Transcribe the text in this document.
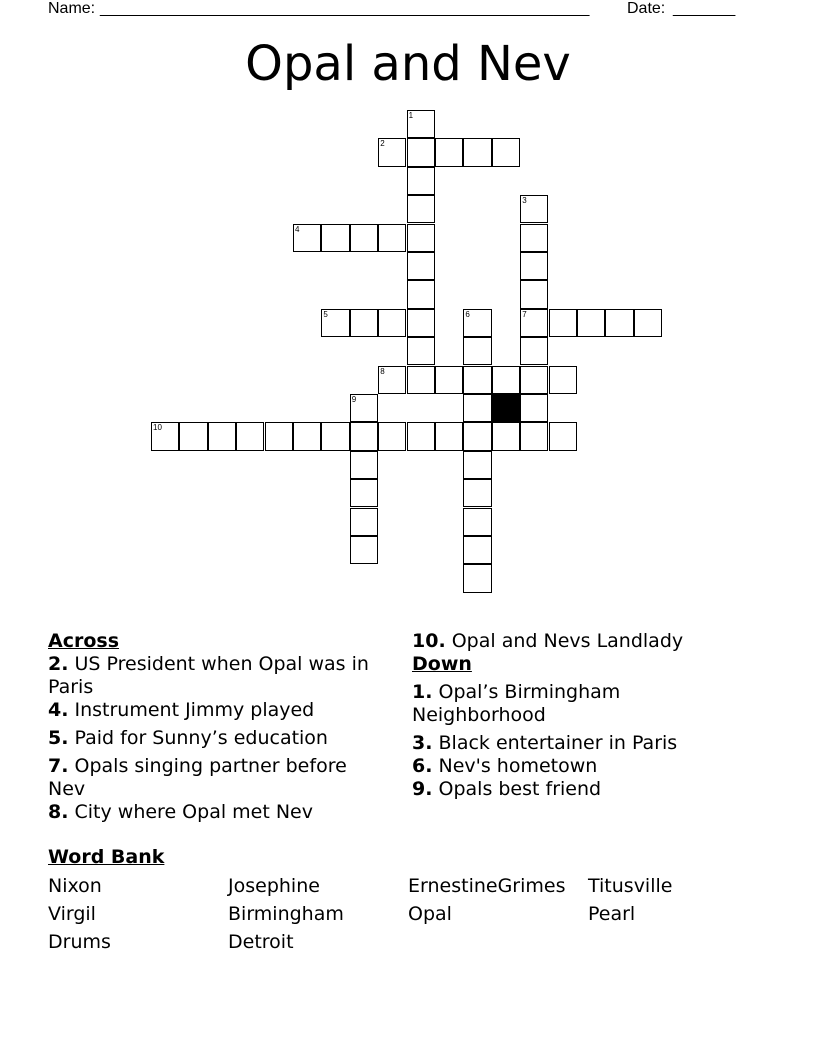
Name: _______________________________________________________ Date: _______
Opal and Nev
1
2
3
7
4
5	6
8
9
10
Across
2. US President when Opal was in Paris
4. Instrument Jimmy played
5. Paid for Sunny’s education
7. Opals singing partner before Nev
8. City where Opal met Nev
10. Opal and Nevs Landlady
Down
1. Opal’s Birmingham Neighborhood
3. Black entertainer in Paris
6. Nev's hometown
9. Opals best friend
Word Bank
Nixon	Josephine	ErnestineGrimes Titusville
Virgil	Birmingham	Opal	Pearl
Drums	Detroit
